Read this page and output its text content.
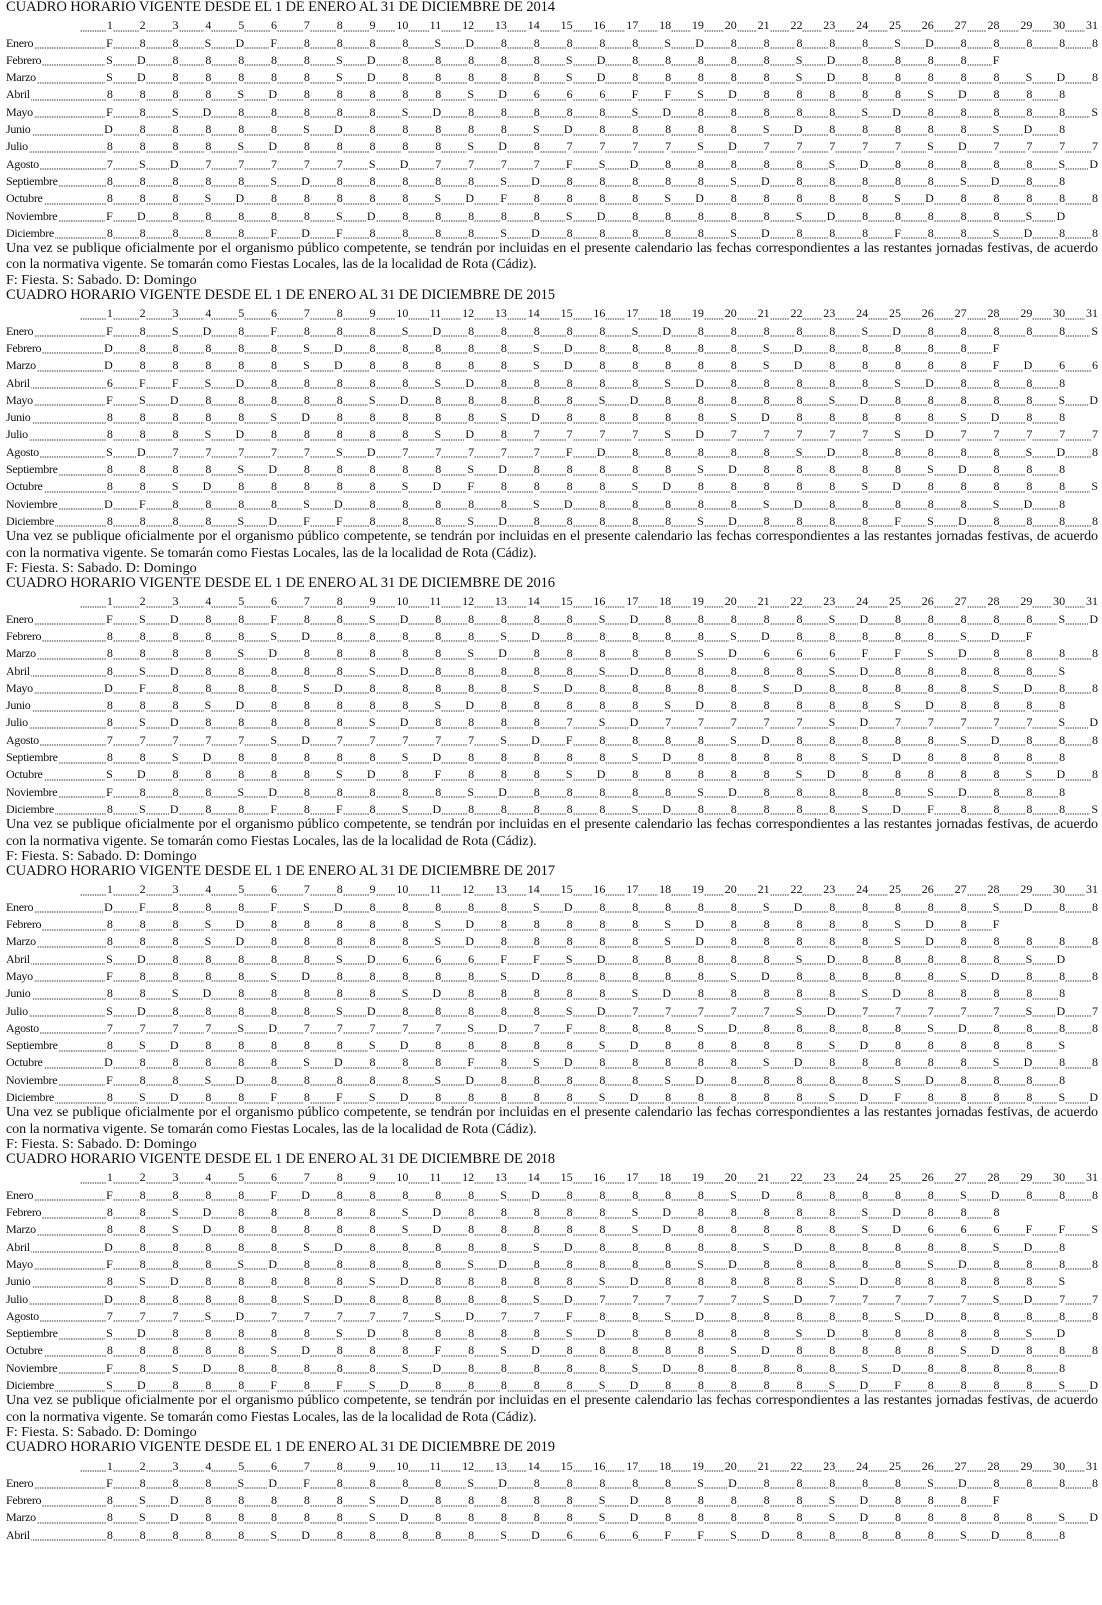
CUADRO HORARIO VIGENTE DESDE EL 1 DE ENERO AL 31 DE DICIEMBRE DE 2014
1	2	3	4	5	6	7	8	9	10	11	12	13	14	15	16	17	18	19	20	21	22	23	24	25	26	27	28	29	30	31
Enero	F	8	8	S	D	F	8	8	8	8	S	D	8	8	8	8	8	S	D	8	8	8	8	8	S	D	8	8	8	8	8
Febrero	S	D	8	8	8	8	8	S	D	8	8	8	8	8	S	D	8	8	8	8	8	S	D	8	8	8	8	F
Marzo	S	D	8	8	8	8	8	S	D	8	8	8	8	8	S	D	8	8	8	8	8	S	D	8	8	8	8	8	S	D	8
Abril	8	8	8	8	S	D	8	8	8	8	8	S	D	6	6	6	F	F	S	D	8	8	8	8	8	S	D	8	8	8
Mayo	F	8	S	D	8	8	8	8	8	S	D	8	8	8	8	8	S	D	8	8	8	8	8	S	D	8	8	8	8	8	S
Junio	D	8	8	8	8	8	S	D	8	8	8	8	8	S	D	8	8	8	8	8	S	D	8	8	8	8	8	S	D	8
Julio	8	8	8	8	S	D	8	8	8	8	8	S	D	8	7	7	7	7	S	D	7	7	7	7	7	S	D	7	7	7	7
Agosto	7	S	D	7	7	7	7	7	S	D	7	7	7	7	F	S	D	8	8	8	8	8	S	D	8	8	8	8	8	S	D
Septiembre	8	8	8	8	8	S	D	8	8	8	8	8	S	D	8	8	8	8	8	S	D	8	8	8	8	8	S	D	8	8
Octubre	8	8	8	S	D	8	8	8	8	8	S	D	F	8	8	8	8	S	D	8	8	8	8	8	S	D	8	8	8	8	8
Noviembre	F	D	8	8	8	8	8	S	D	8	8	8	8	8	S	D	8	8	8	8	8	S	D	8	8	8	8	8	S	D
Diciembre	8	8	8	8	8	F	D	F	8	8	8	8	S	D	8	8	8	8	8	S	D	8	8	8	F	8	8	S	D	8	8
Una vez se publique oficialmente por el organismo público competente, se tendrán por incluidas en el presente calendario las fechas correspondientes a las restantes jornadas festivas, de acuerdo con la normativa vigente. Se tomarán como Fiestas Locales, las de la localidad de Rota (Cádiz).
F: Fiesta. S: Sabado. D: Domingo
CUADRO HORARIO VIGENTE DESDE EL 1 DE ENERO AL 31 DE DICIEMBRE DE 2015
1	2	3	4	5	6	7	8	9	10	11	12	13	14	15	16	17	18	19	20	21	22	23	24	25	26	27	28	29	30	31
Enero	F	8	S	D	8	F	8	8	8	S	D	8	8	8	8	8	S	D	8	8	8	8	8	S	D	8	8	8	8	8	S
Febrero	D	8	8	8	8	8	S	D	8	8	8	8	8	S	D	8	8	8	8	8	S	D	8	8	8	8	8	F
Marzo	D	8	8	8	8	8	S	D	8	8	8	8	8	S	D	8	8	8	8	8	S	D	8	8	8	8	8	F	D	6	6
Abril	6	F	F	S	D	8	8	8	8	8	S	D	8	8	8	8	8	S	D	8	8	8	8	8	S	D	8	8	8	8
Mayo	F	S	D	8	8	8	8	8	S	D	8	8	8	8	8	S	D	8	8	8	8	8	S	D	8	8	8	8	8	S	D
Junio	8	8	8	8	8	S	D	8	8	8	8	8	S	D	8	8	8	8	8	S	D	8	8	8	8	8	S	D	8	8
Julio	8	8	8	S	D	8	8	8	8	8	S	D	8	7	7	7	7	S	D	7	7	7	7	7	S	D	7	7	7	7	7
Agosto	S	D	7	7	7	7	7	S	D	7	7	7	7	7	F	D	8	8	8	8	8	S	D	8	8	8	8	8	S	D	8
Septiembre	8	8	8	8	S	D	8	8	8	8	8	S	D	8	8	8	8	8	S	D	8	8	8	8	8	S	D	8	8	8
Octubre	8	8	S	D	8	8	8	8	8	S	D	F	8	8	8	8	S	D	8	8	8	8	8	S	D	8	8	8	8	8	S
Noviembre	D	F	8	8	8	8	S	D	8	8	8	8	8	S	D	8	8	8	8	8	S	D	8	8	8	8	8	S	D	8
Diciembre	8	8	8	8	S	D	F	F	8	8	8	S	D	8	8	8	8	8	S	D	8	8	8	8	F	S	D	8	8	8	8
Una vez se publique oficialmente por el organismo público competente, se tendrán por incluidas en el presente calendario las fechas correspondientes a las restantes jornadas festivas, de acuerdo con la normativa vigente. Se tomarán como Fiestas Locales, las de la localidad de Rota (Cádiz).
F: Fiesta. S: Sabado. D: Domingo
CUADRO HORARIO VIGENTE DESDE EL 1 DE ENERO AL 31 DE DICIEMBRE DE 2016
1	2	3	4	5	6	7	8	9	10	11	12	13	14	15	16	17	18	19	20	21	22	23	24	25	26	27	28	29	30	31
Enero	F	S	D	8	8	F	8	8	S	D	8	8	8	8	8	S	D	8	8	8	8	8	S	D	8	8	8	8	8	S	D
Febrero	8	8	8	8	8	S	D	8	8	8	8	8	S	D	8	8	8	8	8	S	D	8	8	8	8	8	S	D	F
Marzo	8	8	8	8	S	D	8	8	8	8	8	S	D	8	8	8	8	8	S	D	6	6	6	F	F	S	D	8	8	8	8
Abril	8	S	D	8	8	8	8	8	S	D	8	8	8	8	8	S	D	8	8	8	8	8	S	D	8	8	8	8	8	S
Mayo	D	F	8	8	8	8	S	D	8	8	8	8	8	S	D	8	8	8	8	8	S	D	8	8	8	8	8	S	D	8	8
Junio	8	8	8	S	D	8	8	8	8	8	S	D	8	8	8	8	8	S	D	8	8	8	8	8	S	D	8	8	8	8
Julio	8	S	D	8	8	8	8	8	S	D	8	8	8	8	7	S	D	7	7	7	7	7	S	D	7	7	7	7	7	S	D
Agosto	7	7	7	7	7	S	D	7	7	7	7	7	S	D	F	8	8	8	8	S	D	8	8	8	8	8	S	D	8	8	8
Septiembre	8	8	S	D	8	8	8	8	8	S	D	8	8	8	8	8	S	D	8	8	8	8	8	S	D	8	8	8	8	8
Octubre	S	D	8	8	8	8	8	S	D	8	F	8	8	8	S	D	8	8	8	8	8	S	D	8	8	8	8	8	S	D	8
Noviembre	F	8	8	8	S	D	8	8	8	8	8	S	D	8	8	8	8	8	S	D	8	8	8	8	8	S	D	8	8	8
Diciembre	8	S	D	8	8	F	8	F	8	S	D	8	8	8	8	8	S	D	8	8	8	8	8	S	D	F	8	8	8	8	S
Una vez se publique oficialmente por el organismo público competente, se tendrán por incluidas en el presente calendario las fechas correspondientes a las restantes jornadas festivas, de acuerdo con la normativa vigente. Se tomarán como Fiestas Locales, las de la localidad de Rota (Cádiz).
F: Fiesta. S: Sabado. D: Domingo
CUADRO HORARIO VIGENTE DESDE EL 1 DE ENERO AL 31 DE DICIEMBRE DE 2017
1	2	3	4	5	6	7	8	9	10	11	12	13	14	15	16	17	18	19	20	21	22	23	24	25	26	27	28	29	30	31
Enero	D	F	8	8	8	F	S	D	8	8	8	8	8	S	D	8	8	8	8	8	S	D	8	8	8	8	8	S	D	8	8
Febrero	8	8	8	S	D	8	8	8	8	8	S	D	8	8	8	8	8	S	D	8	8	8	8	8	S	D	8	F
Marzo	8	8	8	S	D	8	8	8	8	8	S	D	8	8	8	8	8	S	D	8	8	8	8	8	S	D	8	8	8	8	8
Abril	S	D	8	8	8	8	8	S	D	6	6	6	F	F	S	D	8	8	8	8	8	S	D	8	8	8	8	8	S	D
Mayo	F	8	8	8	8	S	D	8	8	8	8	8	S	D	8	8	8	8	8	S	D	8	8	8	8	8	S	D	8	8	8
Junio	8	8	S	D	8	8	8	8	8	S	D	8	8	8	8	8	S	D	8	8	8	8	8	S	D	8	8	8	8	8
Julio	S	D	8	8	8	8	8	S	D	8	8	8	8	8	S	D	7	7	7	7	7	S	D	7	7	7	7	7	S	D	7
Agosto	7	7	7	7	S	D	7	7	7	7	7	S	D	7	F	8	8	8	S	D	8	8	8	8	8	S	D	8	8	8	8
Septiembre	8	S	D	8	8	8	8	8	S	D	8	8	8	8	8	S	D	8	8	8	8	8	S	D	8	8	8	8	8	S
Octubre	D	8	8	8	8	8	S	D	8	8	8	F	8	S	D	8	8	8	8	8	S	D	8	8	8	8	8	S	D	8	8
Noviembre	F	8	8	S	D	8	8	8	8	8	S	D	8	8	8	8	8	S	D	8	8	8	8	8	S	D	8	8	8	8
Diciembre	8	S	D	8	8	F	8	F	S	D	8	8	8	8	8	S	D	8	8	8	8	8	S	D	F	8	8	8	8	S	D
Una vez se publique oficialmente por el organismo público competente, se tendrán por incluidas en el presente calendario las fechas correspondientes a las restantes jornadas festivas, de acuerdo con la normativa vigente. Se tomarán como Fiestas Locales, las de la localidad de Rota (Cádiz).
F: Fiesta. S: Sabado. D: Domingo
CUADRO HORARIO VIGENTE DESDE EL 1 DE ENERO AL 31 DE DICIEMBRE DE 2018
1	2	3	4	5	6	7	8	9	10	11	12	13	14	15	16	17	18	19	20	21	22	23	24	25	26	27	28	29	30	31
Enero	F	8	8	8	8	F	D	8	8	8	8	8	S	D	8	8	8	8	8	S	D	8	8	8	8	8	S	D	8	8	8
Febrero	8	8	S	D	8	8	8	8	8	S	D	8	8	8	8	8	S	D	8	8	8	8	8	S	D	8	8	8
Marzo	8	8	S	D	8	8	8	8	8	S	D	8	8	8	8	8	S	D	8	8	8	8	8	S	D	6	6	6	F	F	S
Abril	D	8	8	8	8	8	S	D	8	8	8	8	8	S	D	8	8	8	8	8	S	D	8	8	8	8	8	S	D	8
Mayo	F	8	8	8	S	D	8	8	8	8	8	S	D	8	8	8	8	8	S	D	8	8	8	8	8	S	D	8	8	8	8
Junio	8	S	D	8	8	8	8	8	S	D	8	8	8	8	8	S	D	8	8	8	8	8	S	D	8	8	8	8	8	S
Julio	D	8	8	8	8	8	S	D	8	8	8	8	8	S	D	7	7	7	7	7	S	D	7	7	7	7	7	S	D	7	7
Agosto	7	7	7	S	D	7	7	7	7	7	S	D	7	7	F	8	8	S	D	8	8	8	8	8	S	D	8	8	8	8	8
Septiembre	S	D	8	8	8	8	8	S	D	8	8	8	8	8	S	D	8	8	8	8	8	S	D	8	8	8	8	8	S	D
Octubre	8	8	8	8	8	S	D	8	8	8	F	8	S	D	8	8	8	8	8	S	D	8	8	8	8	8	S	D	8	8	8
Noviembre	F	8	S	D	8	8	8	8	8	S	D	8	8	8	8	8	S	D	8	8	8	8	8	S	D	8	8	8	8	8
Diciembre	S	D	8	8	8	F	8	F	S	D	8	8	8	8	8	S	D	8	8	8	8	8	S	D	F	8	8	8	8	S	D
Una vez se publique oficialmente por el organismo público competente, se tendrán por incluidas en el presente calendario las fechas correspondientes a las restantes jornadas festivas, de acuerdo con la normativa vigente. Se tomarán como Fiestas Locales, las de la localidad de Rota (Cádiz).
F: Fiesta. S: Sabado. D: Domingo
CUADRO HORARIO VIGENTE DESDE EL 1 DE ENERO AL 31 DE DICIEMBRE DE 2019
1	2	3	4	5	6	7	8	9	10	11	12	13	14	15	16	17	18	19	20	21	22	23	24	25	26	27	28	29	30	31
Enero	F	8	8	8	S	D	F	8	8	8	8	S	D	8	8	8	8	8	S	D	8	8	8	8	8	S	D	8	8	8	8
Febrero	8	S	D	8	8	8	8	8	S	D	8	8	8	8	8	S	D	8	8	8	8	8	S	D	8	8	8	F
Marzo	8	S	D	8	8	8	8	8	S	D	8	8	8	8	8	S	D	8	8	8	8	8	S	D	8	8	8	8	8	S	D
Abril	8	8	8	8	8	S	D	8	8	8	8	8	S	D	6	6	6	F	F	S	D	8	8	8	8	8	S	D	8	8
